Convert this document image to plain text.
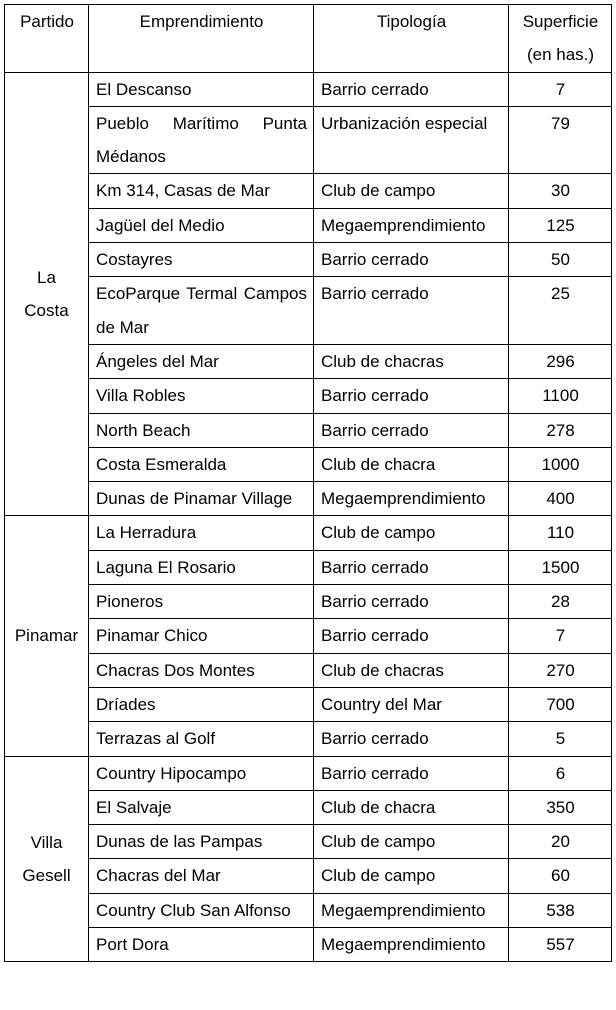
Partido	Emprendimiento	Tipología	Superficie
(en has.)

La
Costa	El Descanso	Barrio cerrado	7
	Pueblo Marítimo Punta Médanos	Urbanización especial	79
	Km 314, Casas de Mar	Club de campo	30
	Jagüel del Medio	Megaemprendimiento	125
	Costayres	Barrio cerrado	50
	EcoParque Termal Campos de Mar	Barrio cerrado	25
	Ángeles del Mar	Club de chacras	296
	Villa Robles	Barrio cerrado	1100
	North Beach	Barrio cerrado	278
	Costa Esmeralda	Club de chacra	1000
	Dunas de Pinamar Village	Megaemprendimiento	400

Pinamar	La Herradura	Club de campo	110
	Laguna El Rosario	Barrio cerrado	1500
	Pioneros	Barrio cerrado	28
	Pinamar Chico	Barrio cerrado	7
	Chacras Dos Montes	Club de chacras	270
	Dríades	Country del Mar	700
	Terrazas al Golf	Barrio cerrado	5

Villa
Gesell	Country Hipocampo	Barrio cerrado	6
	El Salvaje	Club de chacra	350
	Dunas de las Pampas	Club de campo	20
	Chacras del Mar	Club de campo	60
	Country Club San Alfonso	Megaemprendimiento	538
	Port Dora	Megaemprendimiento	557
